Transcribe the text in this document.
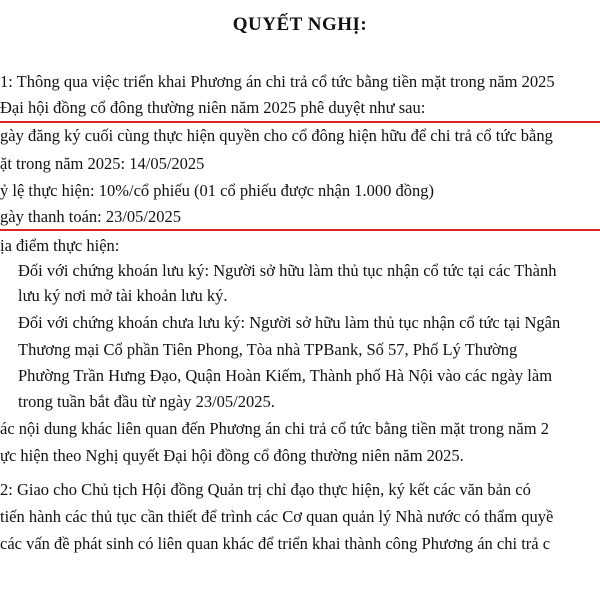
QUYẾT NGHỊ:
1: Thông qua việc triển khai Phương án chi trả cổ tức bằng tiền mặt trong năm 2025
Đại hội đồng cổ đông thường niên năm 2025 phê duyệt như sau:
gày đăng ký cuối cùng thực hiện quyền cho cổ đông hiện hữu để chi trả cổ tức bằng
ặt trong năm 2025: 14/05/2025
ỷ lệ thực hiện: 10%/cổ phiếu (01 cổ phiếu được nhận 1.000 đồng)
gày thanh toán: 23/05/2025
ịa điểm thực hiện:
Đối với chứng khoán lưu ký: Người sở hữu làm thủ tục nhận cổ tức tại các Thành
lưu ký nơi mở tài khoản lưu ký.
Đối với chứng khoán chưa lưu ký: Người sở hữu làm thủ tục nhận cổ tức tại Ngân
Thương mại Cổ phần Tiên Phong, Tòa nhà TPBank, Số 57, Phố Lý Thường
Phường Trần Hưng Đạo, Quận Hoàn Kiếm, Thành phố Hà Nội vào các ngày làm
trong tuần bắt đầu từ ngày 23/05/2025.
ác nội dung khác liên quan đến Phương án chi trả cổ tức bằng tiền mặt trong năm 2
ực hiện theo Nghị quyết Đại hội đồng cổ đông thường niên năm 2025.
2: Giao cho Chủ tịch Hội đồng Quản trị chỉ đạo thực hiện, ký kết các văn bản có
tiến hành các thủ tục cần thiết để trình các Cơ quan quản lý Nhà nước có thẩm quyề
các vấn đề phát sinh có liên quan khác để triển khai thành công Phương án chi trả c
